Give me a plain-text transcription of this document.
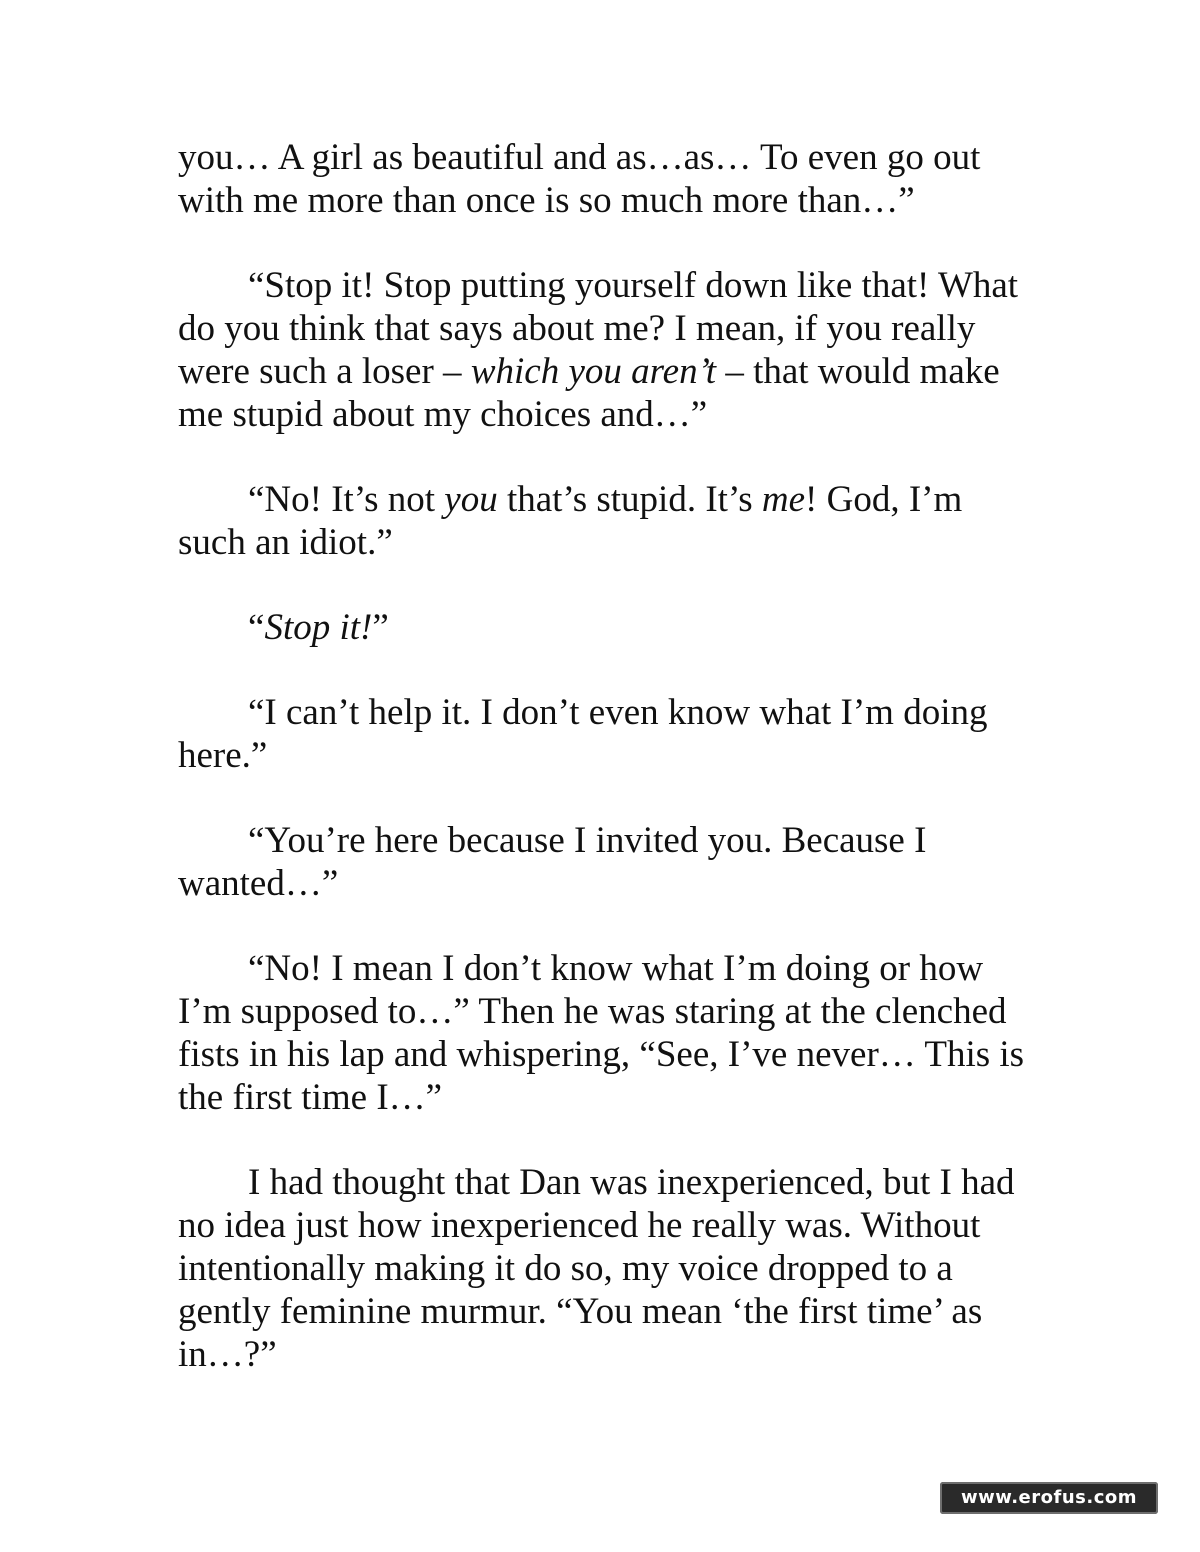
you… A girl as beautiful and as…as… To even go out with me more than once is so much more than…”

“Stop it! Stop putting yourself down like that! What do you think that says about me? I mean, if you really were such a loser – which you aren’t – that would make me stupid about my choices and…”

“No! It’s not you that’s stupid. It’s me! God, I’m such an idiot.”

“Stop it!”

“I can’t help it. I don’t even know what I’m doing here.”

“You’re here because I invited you. Because I wanted…”

“No! I mean I don’t know what I’m doing or how I’m supposed to…” Then he was staring at the clenched fists in his lap and whispering, “See, I’ve never… This is the first time I…”

I had thought that Dan was inexperienced, but I had no idea just how inexperienced he really was. Without intentionally making it do so, my voice dropped to a gently feminine murmur. “You mean ‘the first time’ as in…?”

www.erofus.com
